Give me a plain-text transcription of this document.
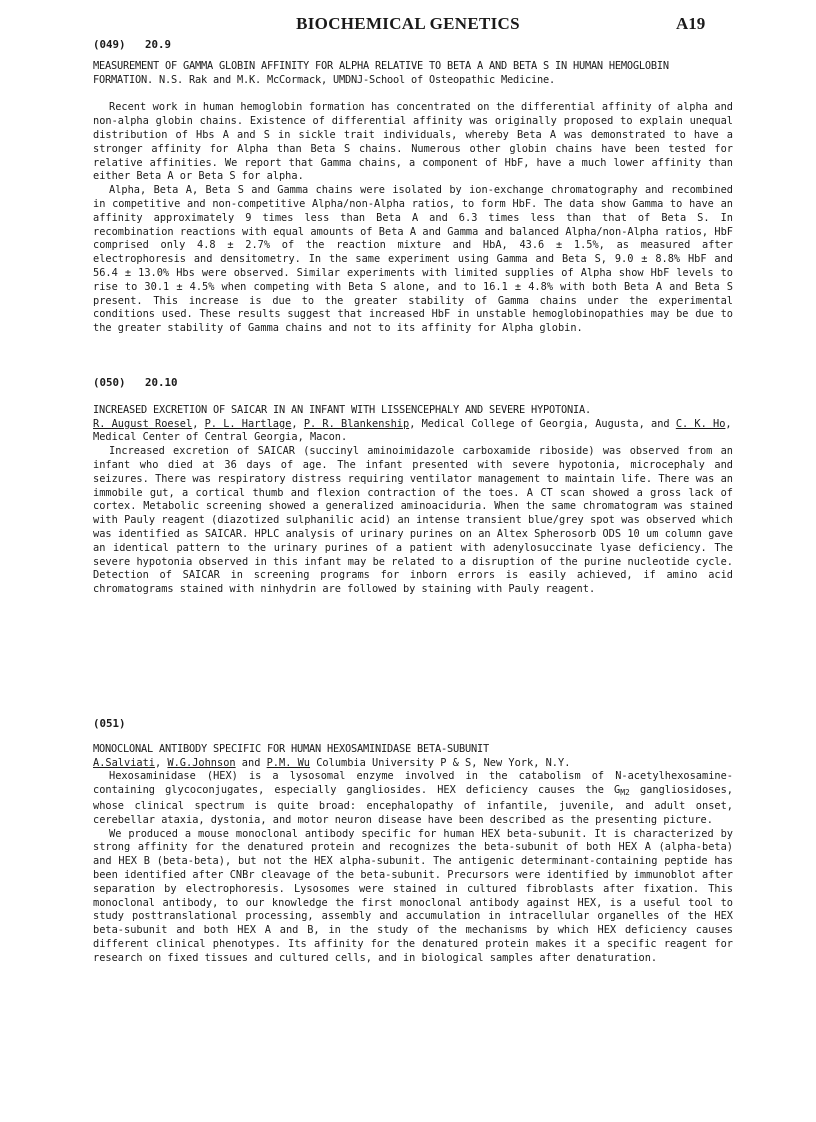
BIOCHEMICAL GENETICS	A19
(049) 20.9

MEASUREMENT OF GAMMA GLOBIN AFFINITY FOR ALPHA RELATIVE TO BETA A AND BETA S IN HUMAN HEMOGLOBIN FORMATION. N.S. Rak and M.K. McCormack, UMDNJ-School of Osteopathic Medicine.

Recent work in human hemoglobin formation has concentrated on the differential affinity of alpha and non-alpha globin chains. Existence of differential affinity was originally proposed to explain unequal distribution of Hbs A and S in sickle trait individuals, whereby Beta A was demonstrated to have a stronger affinity for Alpha than Beta S chains. Numerous other globin chains have been tested for relative affinities. We report that Gamma chains, a component of HbF, have a much lower affinity than either Beta A or Beta S for alpha.

Alpha, Beta A, Beta S and Gamma chains were isolated by ion-exchange chromatography and recombined in competitive and non-competitive Alpha/non-Alpha ratios, to form HbF. The data show Gamma to have an affinity approximately 9 times less than Beta A and 6.3 times less than that of Beta S. In recombination reactions with equal amounts of Beta A and Gamma and balanced Alpha/non-Alpha ratios, HbF comprised only 4.8 ± 2.7% of the reaction mixture and HbA, 43.6 ± 1.5%, as measured after electrophoresis and densitometry. In the same experiment using Gamma and Beta S, 9.0 ± 8.8% HbF and 56.4 ± 13.0% Hbs were observed. Similar experiments with limited supplies of Alpha show HbF levels to rise to 30.1 ± 4.5% when competing with Beta S alone, and to 16.1 ± 4.8% with both Beta A and Beta S present. This increase is due to the greater stability of Gamma chains under the experimental conditions used. These results suggest that increased HbF in unstable hemoglobinopathies may be due to the greater stability of Gamma chains and not to its affinity for Alpha globin.

(050) 20.10

INCREASED EXCRETION OF SAICAR IN AN INFANT WITH LISSENCEPHALY AND SEVERE HYPOTONIA.

R. August Roesel, P. L. Hartlage, P. R. Blankenship, Medical College of Georgia, Augusta, and C. K. Ho, Medical Center of Central Georgia, Macon.

Increased excretion of SAICAR (succinyl aminoimidazole carboxamide riboside) was observed from an infant who died at 36 days of age. The infant presented with severe hypotonia, microcephaly and seizures. There was respiratory distress requiring ventilator management to maintain life. There was an immobile gut, a cortical thumb and flexion contraction of the toes. A CT scan showed a gross lack of cortex. Metabolic screening showed a generalized aminoaciduria. When the same chromatogram was stained with Pauly reagent (diazotized sulphanilic acid) an intense transient blue/grey spot was observed which was identified as SAICAR. HPLC analysis of urinary purines on an Altex Spherosorb ODS 10 um column gave an identical pattern to the urinary purines of a patient with adenylosuccinate lyase deficiency. The severe hypotonia observed in this infant may be related to a disruption of the purine nucleotide cycle. Detection of SAICAR in screening programs for inborn errors is easily achieved, if amino acid chromatograms stained with ninhydrin are followed by staining with Pauly reagent.

(051)

MONOCLONAL ANTIBODY SPECIFIC FOR HUMAN HEXOSAMINIDASE BETA-SUBUNIT

A.Salviati, W.G.Johnson and P.M. Wu Columbia University P & S, New York, N.Y.

Hexosaminidase (HEX) is a lysosomal enzyme involved in the catabolism of N-acetylhexosamine-containing glycoconjugates, especially gangliosides. HEX deficiency causes the $G_{M2}$ gangliosidoses, whose clinical spectrum is quite broad: encephalopathy of infantile, juvenile, and adult onset, cerebellar ataxia, dystonia, and motor neuron disease have been described as the presenting picture.

We produced a mouse monoclonal antibody specific for human HEX beta-subunit. It is characterized by strong affinity for the denatured protein and recognizes the beta-subunit of both HEX A (alpha-beta) and HEX B (beta-beta), but not the HEX alpha-subunit. The antigenic determinant-containing peptide has been identified after CNBr cleavage of the beta-subunit. Precursors were identified by immunoblot after separation by electrophoresis. Lysosomes were stained in cultured fibroblasts after fixation. This monoclonal antibody, to our knowledge the first monoclonal antibody against HEX, is a useful tool to study posttranslational processing, assembly and accumulation in intracellular organelles of the HEX beta-subunit and both HEX A and B, in the study of the mechanisms by which HEX deficiency causes different clinical phenotypes. Its affinity for the denatured protein makes it a specific reagent for research on fixed tissues and cultured cells, and in biological samples after denaturation.
